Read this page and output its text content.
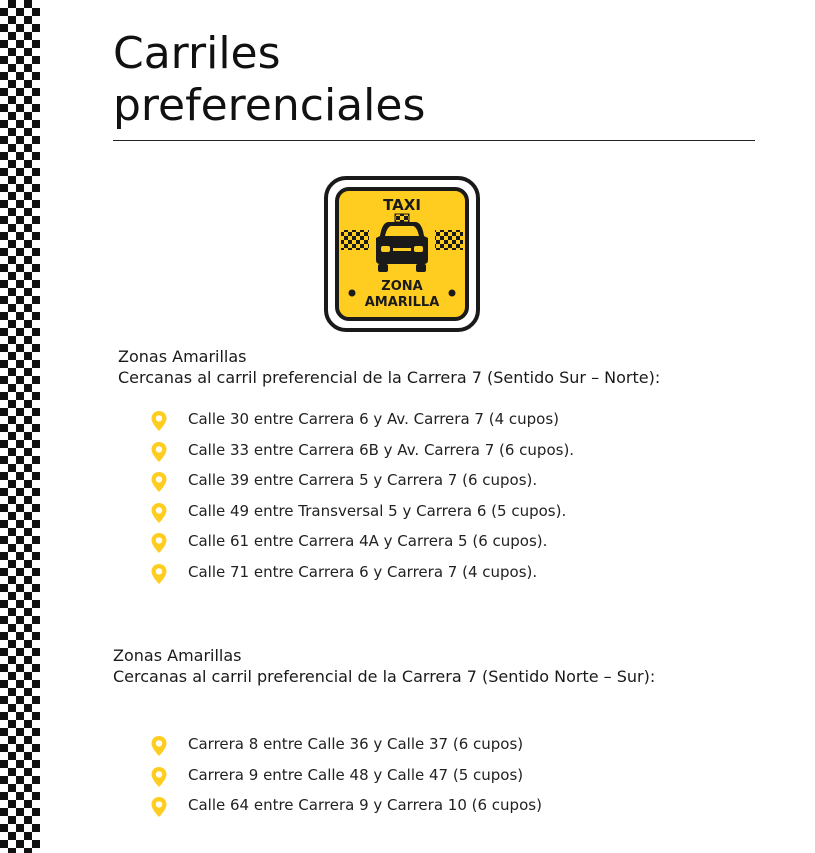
Carriles
preferenciales
TAXI
ZONA
AMARILLA
Zonas Amarillas
Cercanas al carril preferencial de la Carrera 7 (Sentido Sur – Norte):
Calle 30 entre Carrera 6 y Av. Carrera 7 (4 cupos)
Calle 33 entre Carrera 6B y Av. Carrera 7 (6 cupos).
Calle 39 entre Carrera 5 y Carrera 7 (6 cupos).
Calle 49 entre Transversal 5 y Carrera 6 (5 cupos).
Calle 61 entre Carrera 4A y Carrera 5 (6 cupos).
Calle 71 entre Carrera 6 y Carrera 7 (4 cupos).
Zonas Amarillas
Cercanas al carril preferencial de la Carrera 7 (Sentido Norte – Sur):
Carrera 8 entre Calle 36 y Calle 37 (6 cupos)
Carrera 9 entre Calle 48 y Calle 47 (5 cupos)
Calle 64 entre Carrera 9 y Carrera 10 (6 cupos)
